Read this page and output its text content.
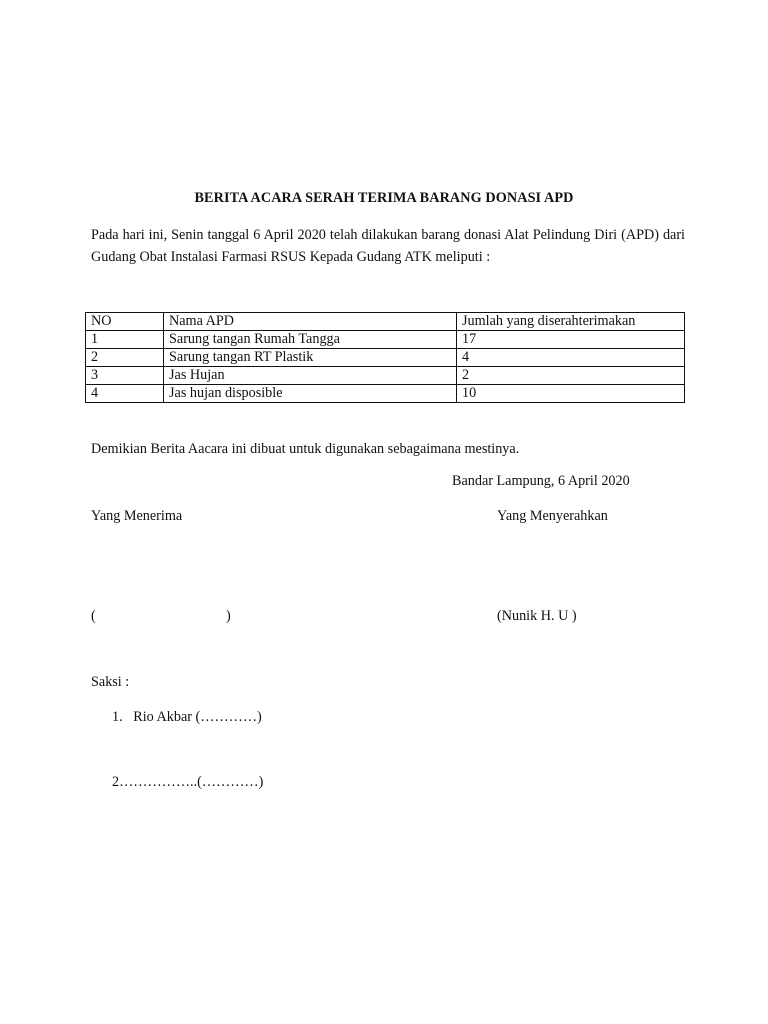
BERITA ACARA SERAH TERIMA BARANG DONASI APD
Pada hari ini, Senin tanggal 6 April 2020 telah dilakukan barang donasi Alat Pelindung Diri (APD) dari Gudang Obat Instalasi Farmasi RSUS Kepada Gudang ATK meliputi :
NO	Nama APD	Jumlah yang diserahterimakan
1	Sarung tangan Rumah Tangga	17
2	Sarung tangan RT Plastik	4
3	Jas Hujan	2
4	Jas hujan disposible	10
Demikian Berita Aacara ini dibuat untuk digunakan sebagaimana mestinya.
Bandar Lampung, 6 April 2020
Yang Menerima	Yang Menyerahkan
(	)	(Nunik H. U )
Saksi :
1.   Rio Akbar (…………)
2……………..(…………)
